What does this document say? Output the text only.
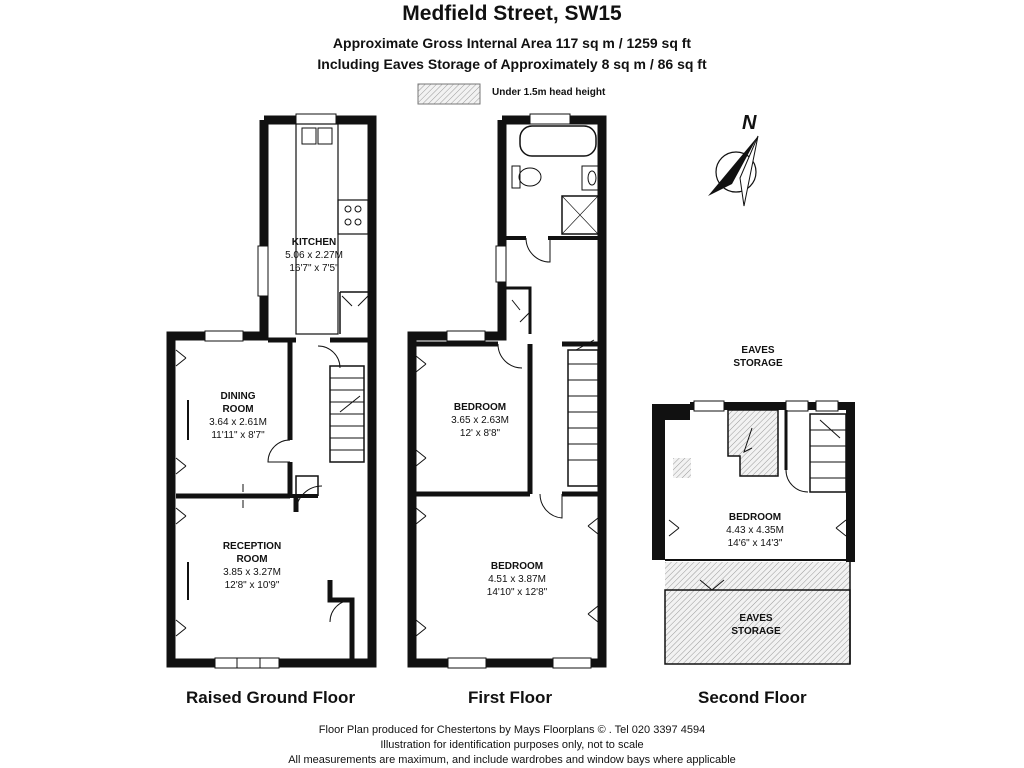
Medfield Street, SW15
Approximate Gross Internal Area 117 sq m / 1259 sq ft
Including Eaves Storage of Approximately 8 sq m / 86 sq ft
Under 1.5m head height
N
KITCHEN
5.06 x 2.27M
16'7" x 7'5"
DINING
ROOM
3.64 x 2.61M
11'11" x 8'7"
RECEPTION
ROOM
3.85 x 3.27M
12'8" x 10'9"
BEDROOM
3.65 x 2.63M
12' x 8'8"
BEDROOM
4.51 x 3.87M
14'10" x 12'8"
BEDROOM
4.43 x 4.35M
14'6" x 14'3"
EAVES
STORAGE
EAVES
STORAGE
Raised Ground Floor	First Floor	Second Floor
Floor Plan produced for Chestertons by Mays Floorplans © . Tel 020 3397 4594
Illustration for identification purposes only, not to scale
All measurements are maximum, and include wardrobes and window bays where applicable
